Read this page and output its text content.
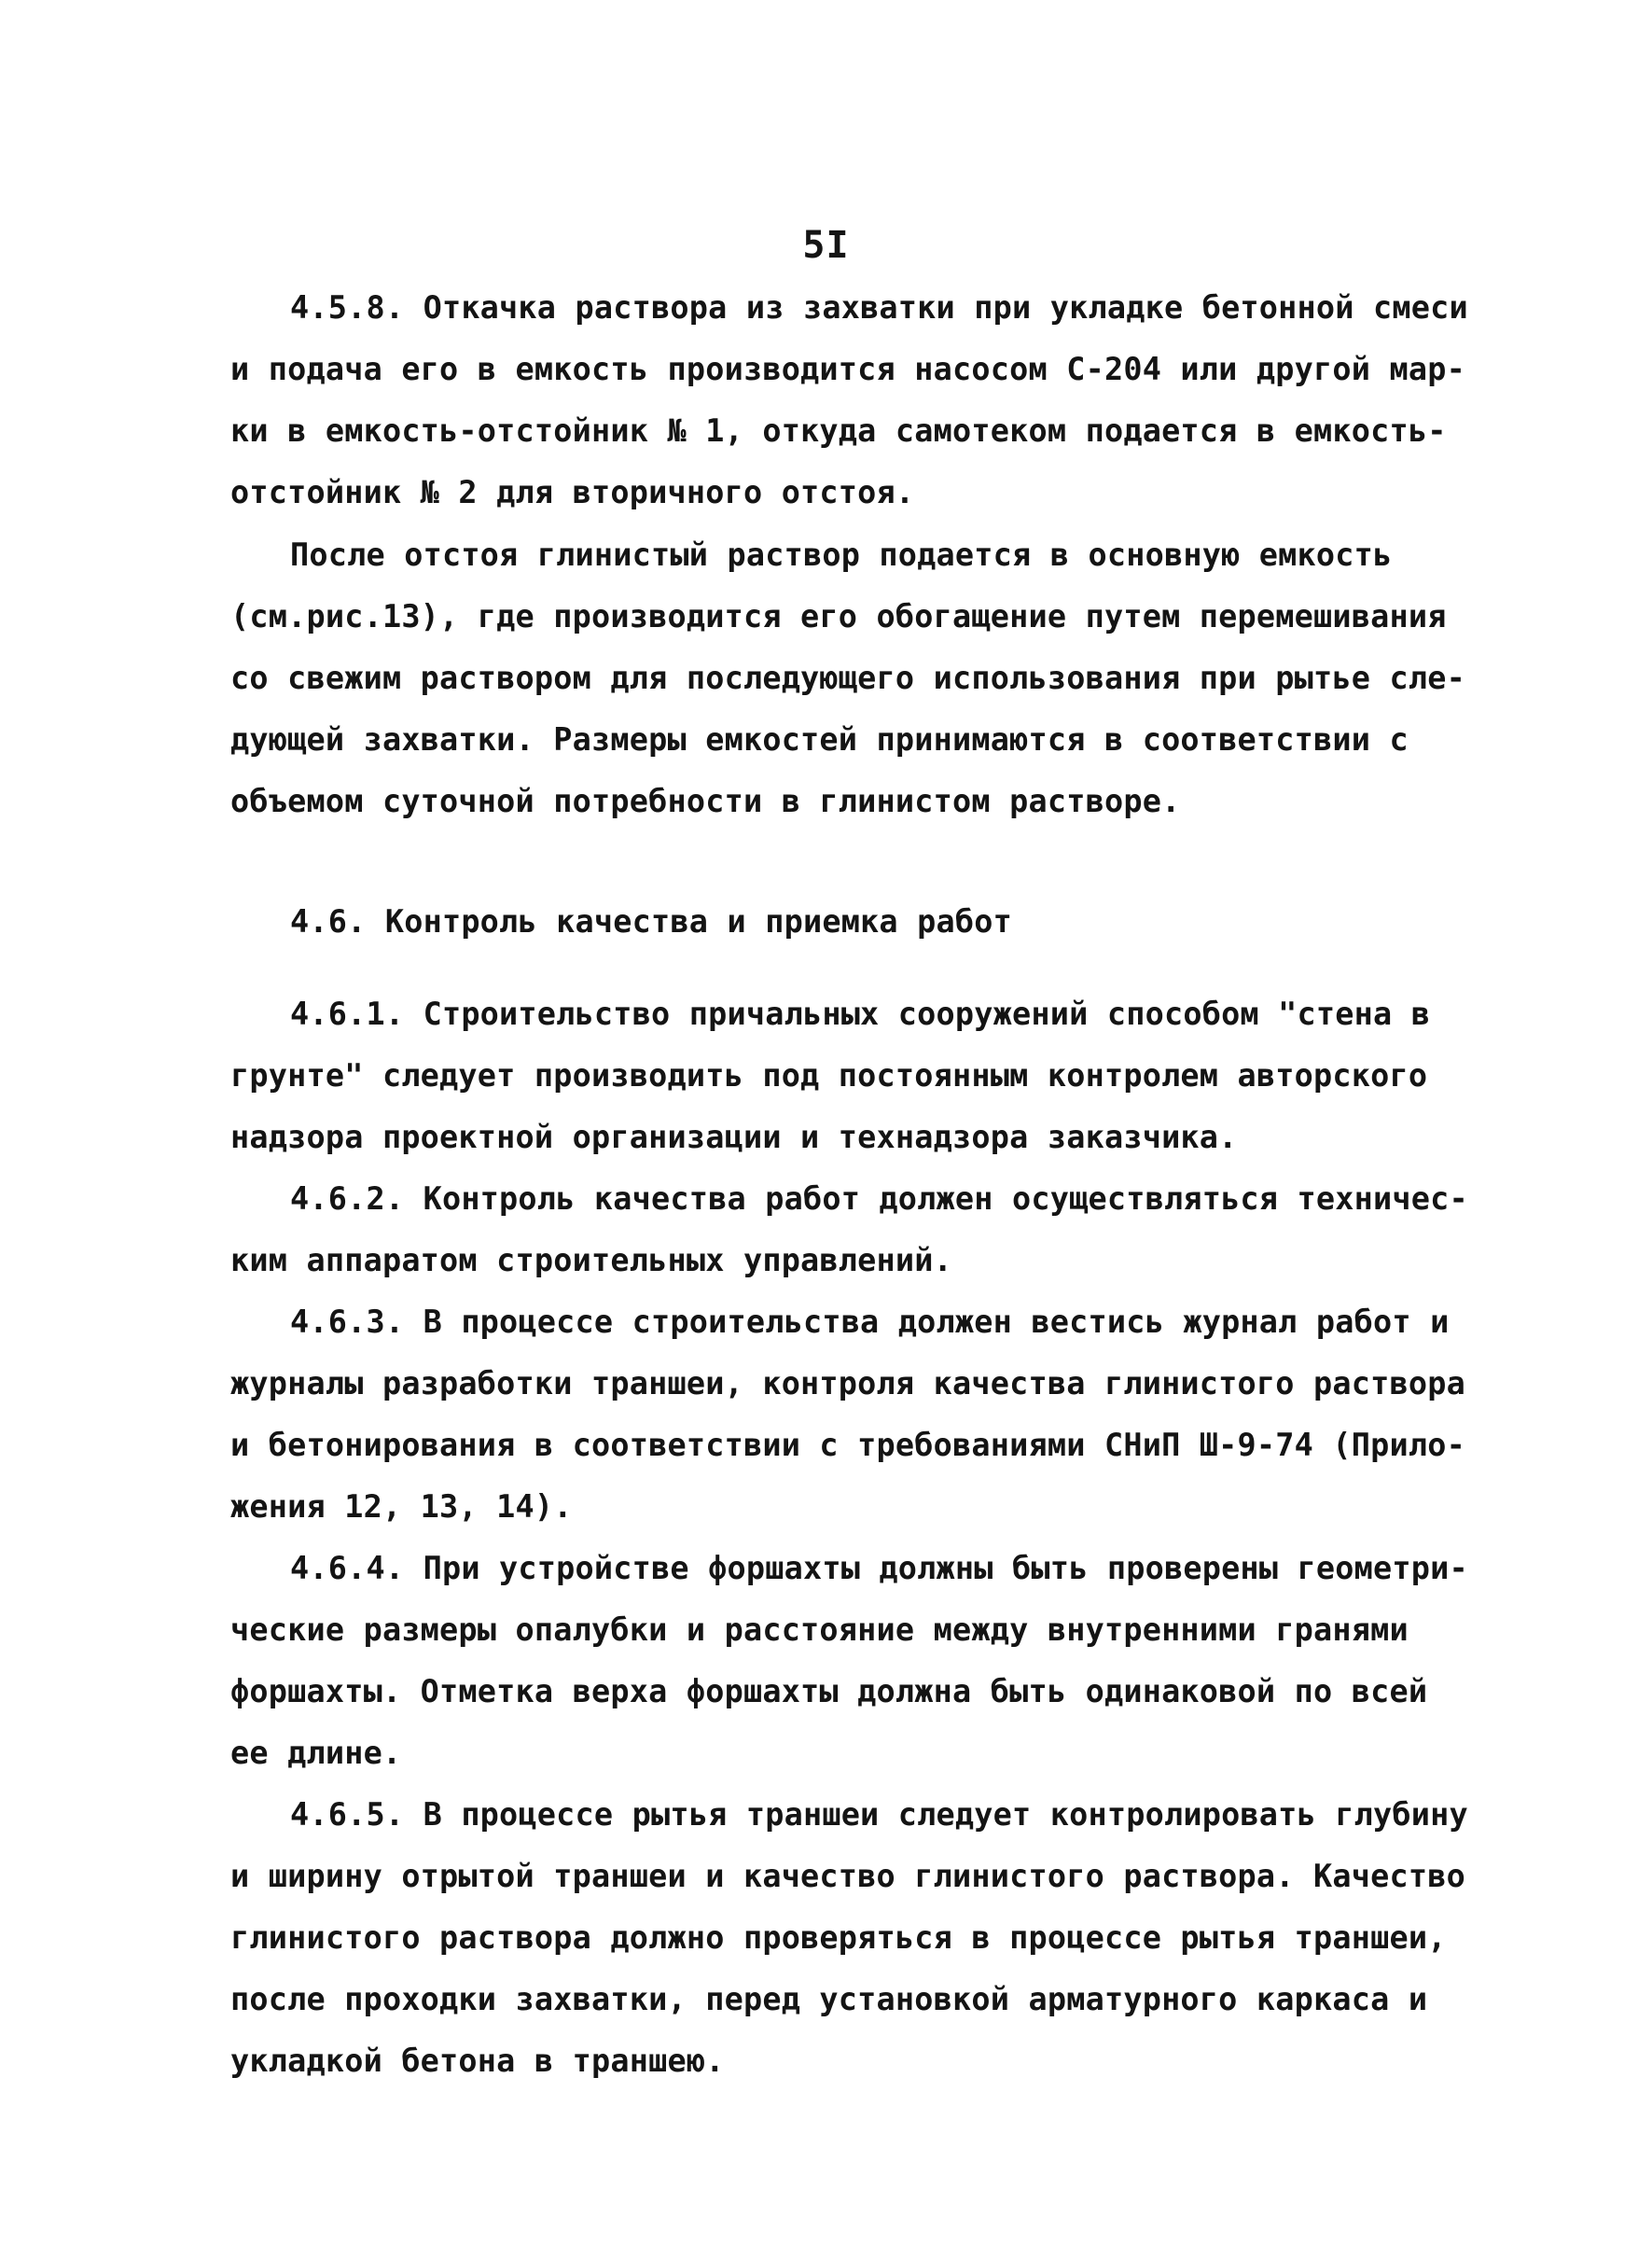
5I
4.5.8. Откачка раствора из захватки при укладке бетонной смеси
и подача его в емкость производится насосом С-204 или другой мар-
ки в емкость-отстойник № 1, откуда самотеком подается в емкость-
отстойник № 2 для вторичного отстоя.
После отстоя глинистый раствор подается в основную емкость
(см.рис.13), где производится его обогащение путем перемешивания
со свежим раствором для последующего использования при рытье сле-
дующей захватки. Размеры емкостей принимаются в соответствии с
объемом суточной потребности в глинистом растворе.
4.6. Контроль качества и приемка работ
4.6.1. Строительство причальных сооружений способом "стена в
грунте" следует производить под постоянным контролем авторского
надзора проектной организации и технадзора заказчика.
4.6.2. Контроль качества работ должен осуществляться техничес-
ким аппаратом строительных управлений.
4.6.3. В процессе строительства должен вестись журнал работ и
журналы разработки траншеи, контроля качества глинистого раствора
и бетонирования в соответствии с требованиями СНиП Ш-9-74 (Прило-
жения 12, 13, 14).
4.6.4. При устройстве форшахты должны быть проверены геометри-
ческие размеры опалубки и расстояние между внутренними гранями
форшахты. Отметка верха форшахты должна быть одинаковой по всей
ее длине.
4.6.5. В процессе рытья траншеи следует контролировать глубину
и ширину отрытой траншеи и качество глинистого раствора. Качество
глинистого раствора должно проверяться в процессе рытья траншеи,
после проходки захватки, перед установкой арматурного каркаса и
укладкой бетона в траншею.
